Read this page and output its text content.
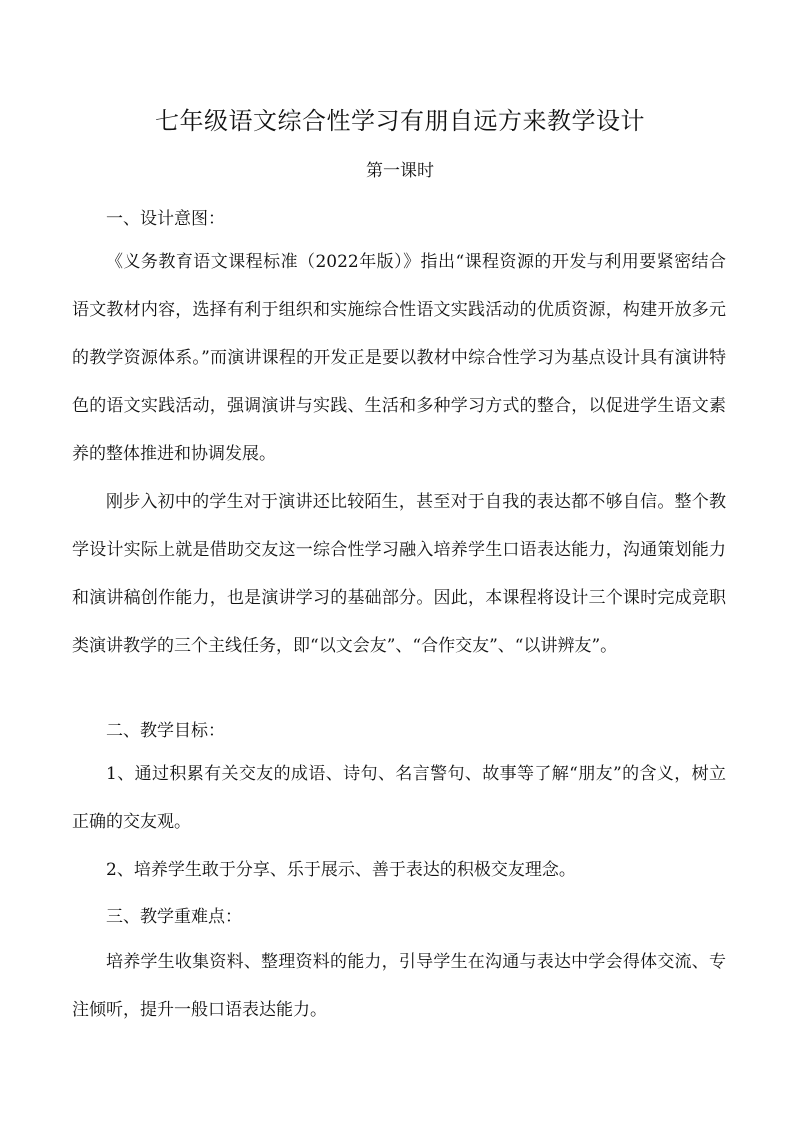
七年级语文综合性学习有朋自远方来教学设计

第一课时

一、设计意图：

《义务教育语文课程标准（2022年版）》指出“课程资源的开发与利用要紧密结合语文教材内容，选择有利于组织和实施综合性语文实践活动的优质资源，构建开放多元的教学资源体系。”而演讲课程的开发正是要以教材中综合性学习为基点设计具有演讲特色的语文实践活动，强调演讲与实践、生活和多种学习方式的整合，以促进学生语文素养的整体推进和协调发展。

刚步入初中的学生对于演讲还比较陌生，甚至对于自我的表达都不够自信。整个教学设计实际上就是借助交友这一综合性学习融入培养学生口语表达能力，沟通策划能力和演讲稿创作能力，也是演讲学习的基础部分。因此，本课程将设计三个课时完成竞职类演讲教学的三个主线任务，即“以文会友”、“合作交友”、“以讲辨友”。

二、教学目标：

1、通过积累有关交友的成语、诗句、名言警句、故事等了解“朋友”的含义，树立正确的交友观。

2、培养学生敢于分享、乐于展示、善于表达的积极交友理念。

三、教学重难点：

培养学生收集资料、整理资料的能力，引导学生在沟通与表达中学会得体交流、专注倾听，提升一般口语表达能力。
